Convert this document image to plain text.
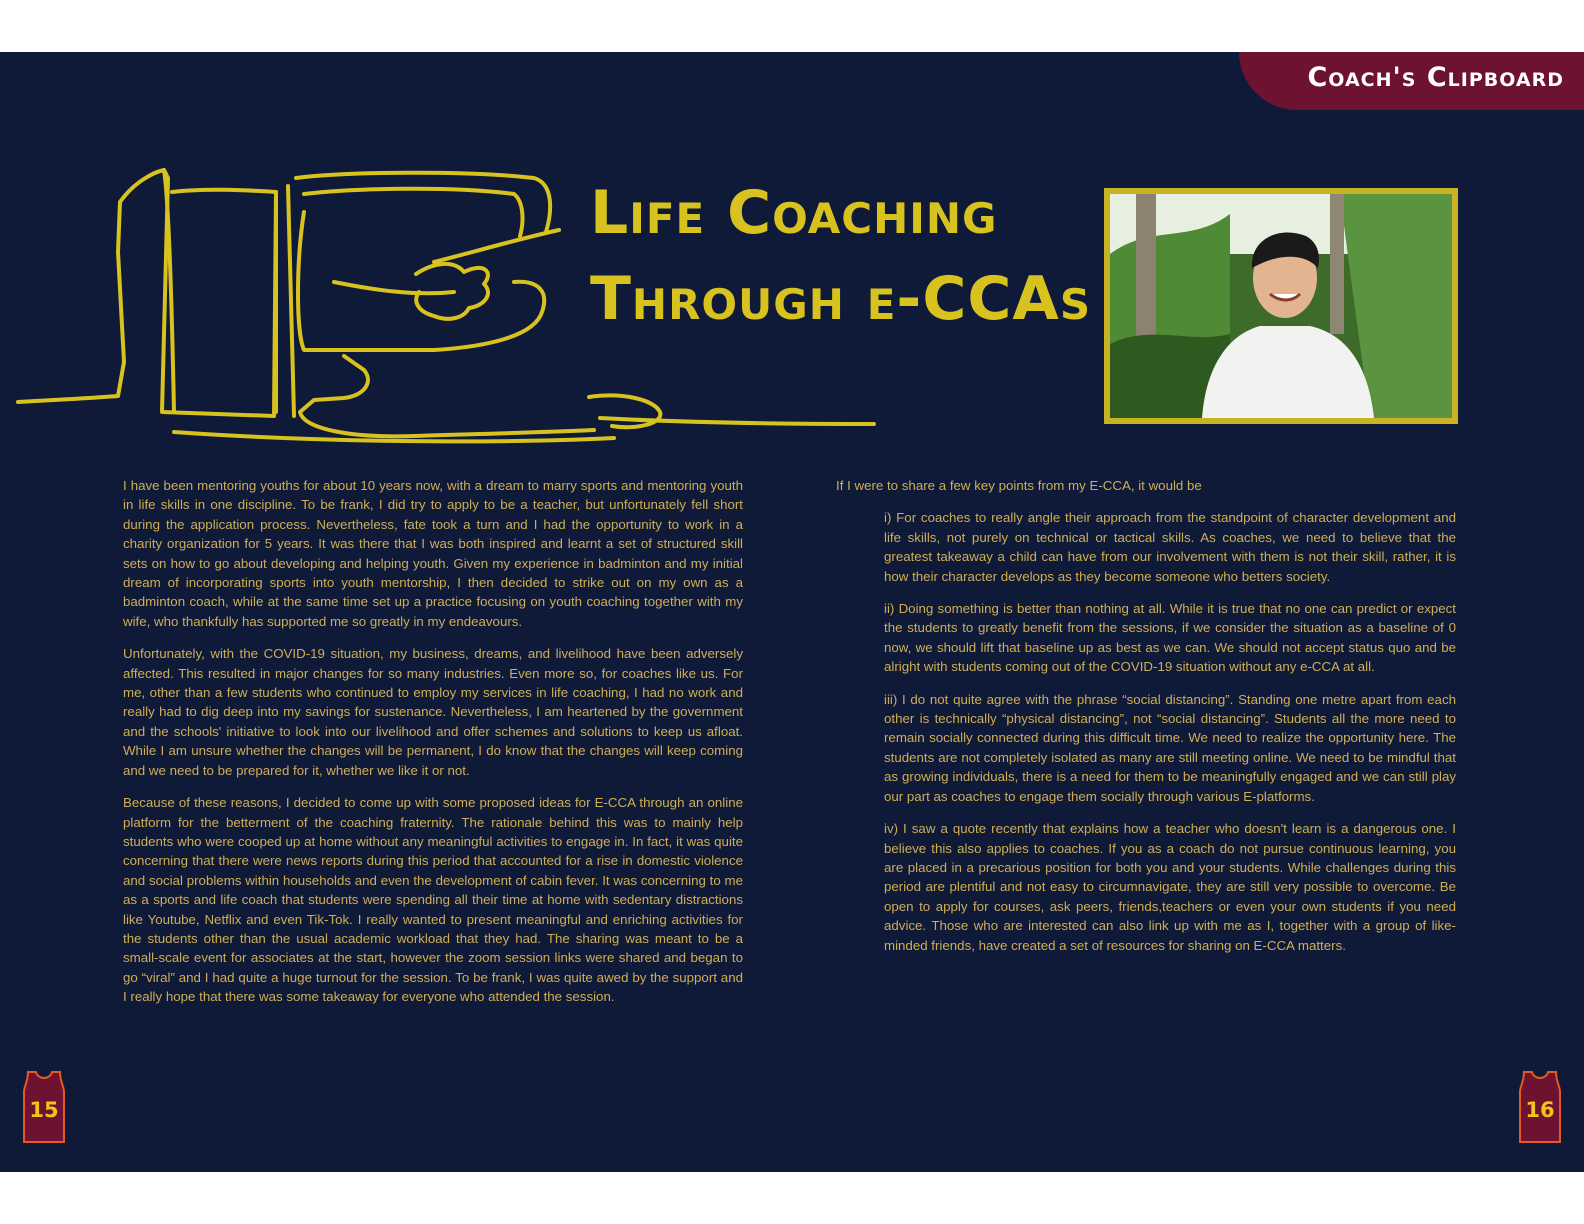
Coach's Clipboard
Life Coaching
Through e-CCAs

I have been mentoring youths for about 10 years now, with a dream to marry sports and mentoring youth in life skills in one discipline. To be frank, I did try to apply to be a teacher, but unfortunately fell short during the application process. Nevertheless, fate took a turn and I had the opportunity to work in a charity organization for 5 years. It was there that I was both inspired and learnt a set of structured skill sets on how to go about developing and helping youth. Given my experience in badminton and my initial dream of incorporating sports into youth mentorship, I then decided to strike out on my own as a badminton coach, while at the same time set up a practice focusing on youth coaching together with my wife, who thankfully has supported me so greatly in my endeavours.

Unfortunately, with the COVID-19 situation, my business, dreams, and livelihood have been adversely affected. This resulted in major changes for so many industries. Even more so, for coaches like us. For me, other than a few students who continued to employ my services in life coaching, I had no work and really had to dig deep into my savings for sustenance. Nevertheless, I am heartened by the government and the schools' initiative to look into our livelihood and offer schemes and solutions to keep us afloat. While I am unsure whether the changes will be permanent, I do know that the changes will keep coming and we need to be prepared for it, whether we like it or not.

Because of these reasons, I decided to come up with some proposed ideas for E-CCA through an online platform for the betterment of the coaching fraternity. The rationale behind this was to mainly help students who were cooped up at home without any meaningful activities to engage in. In fact, it was quite concerning that there were news reports during this period that accounted for a rise in domestic violence and social problems within households and even the development of cabin fever. It was concerning to me as a sports and life coach that students were spending all their time at home with sedentary distractions like Youtube, Netflix and even Tik-Tok. I really wanted to present meaningful and enriching activities for the students other than the usual academic workload that they had. The sharing was meant to be a small-scale event for associates at the start, however the zoom session links were shared and began to go “viral” and I had quite a huge turnout for the session. To be frank, I was quite awed by the support and I really hope that there was some takeaway for everyone who attended the session.

If I were to share a few key points from my E-CCA, it would be

i) For coaches to really angle their approach from the standpoint of character development and life skills, not purely on technical or tactical skills. As coaches, we need to believe that the greatest takeaway a child can have from our involvement with them is not their skill, rather, it is how their character develops as they become someone who betters society.

ii) Doing something is better than nothing at all. While it is true that no one can predict or expect the students to greatly benefit from the sessions, if we consider the situation as a baseline of 0 now, we should lift that baseline up as best as we can. We should not accept status quo and be alright with students coming out of the COVID-19 situation without any e-CCA at all.

iii) I do not quite agree with the phrase “social distancing”. Standing one metre apart from each other is technically “physical distancing”, not “social distancing”. Students all the more need to remain socially connected during this difficult time. We need to realize the opportunity here. The students are not completely isolated as many are still meeting online. We need to be mindful that as growing individuals, there is a need for them to be meaningfully engaged and we can still play our part as coaches to engage them socially through various E-platforms.

iv) I saw a quote recently that explains how a teacher who doesn't learn is a dangerous one. I believe this also applies to coaches. If you as a coach do not pursue continuous learning, you are placed in a precarious position for both you and your students. While challenges during this period are plentiful and not easy to circumnavigate, they are still very possible to overcome. Be open to apply for courses, ask peers, friends,teachers or even your own students if you need advice. Those who are interested can also link up with me as I, together with a group of like-minded friends, have created a set of resources for sharing on E-CCA matters.

15	16
